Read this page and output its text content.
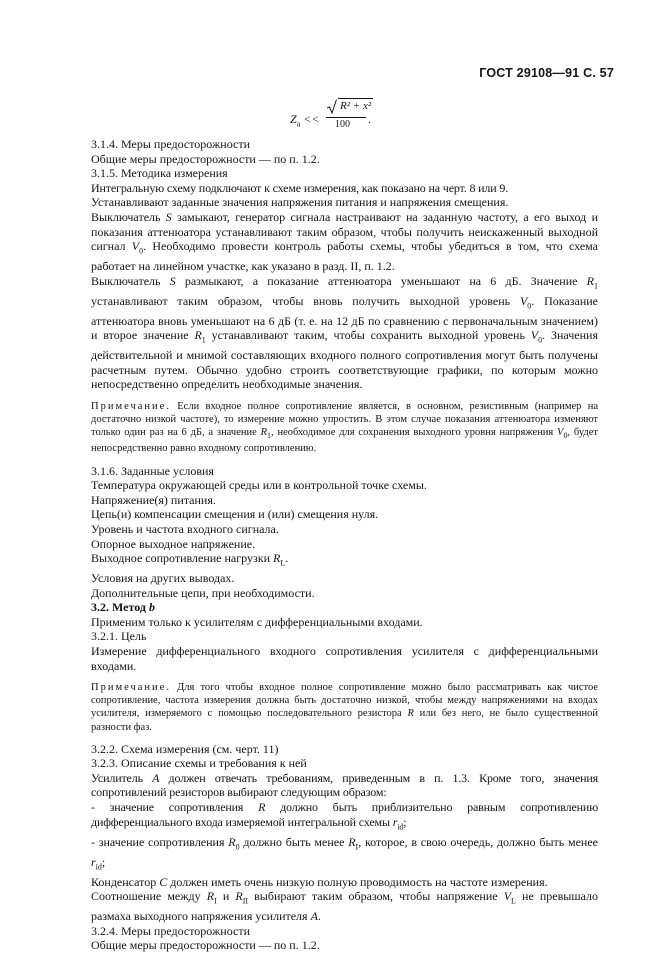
ГОСТ 29108—91 С. 57
$Z_a$ <<
R² + x²
100 .

3.1.4. Меры предосторожности

Общие меры предосторожности — по п. 1.2.

3.1.5. Методика измерения

Интегральную схему подключают к схеме измерения, как показано на черт. 8 или 9.

Устанавливают заданные значения напряжения питания и напряжения смещения.

Выключатель S замыкают, генератор сигнала настраивают на заданную частоту, а его выход и показания аттенюатора устанавливают таким образом, чтобы получить неискаженный выходной сигнал $V_0$. Необходимо провести контроль работы схемы, чтобы убедиться в том, что схема работает на линейном участке, как указано в разд. II, п. 1.2.

Выключатель S размыкают, а показание аттенюатора уменьшают на 6 дБ. Значение $R_1$ устанавливают таким образом, чтобы вновь получить выходной уровень $V_0$. Показание аттенюатора вновь уменьшают на 6 дБ (т. е. на 12 дБ по сравнению с первоначальным значением) и второе значение $R_1$ устанавливают таким, чтобы сохранить выходной уровень $V_0$. Значения действительной и мнимой составляющих входного полного сопротивления могут быть получены расчетным путем. Обычно удобно строить соответствующие графики, по которым можно непосредственно определить необходимые значения.

Примечание. Если входное полное сопротивление является, в основном, резистивным (например на достаточно низкой частоте), то измерение можно упростить. В этом случае показания аттенюатора изменяют только один раз на 6 дБ, а значение $R_1$, необходимое для сохранения выходного уровня напряжения $V_0$, будет непосредственно равно входному сопротивлению.

3.1.6. Заданные условия

Температура окружающей среды или в контрольной точке схемы.

Напряжение(я) питания.

Цепь(и) компенсации смещения и (или) смещения нуля.

Уровень и частота входного сигнала.

Опорное выходное напряжение.

Выходное сопротивление нагрузки $R_L$.

Условия на других выводах.

Дополнительные цепи, при необходимости.

3.2. Метод b

Применим только к усилителям с дифференциальными входами.

3.2.1. Цель

Измерение дифференциального входного сопротивления усилителя с дифференциальными входами.

Примечание. Для того чтобы входное полное сопротивление можно было рассматривать как чистое сопротивление, частота измерения должна быть достаточно низкой, чтобы между напряжениями на входах усилителя, измеряемого с помощью последовательного резистора R или без него, не было существенной разности фаз.

3.2.2. Схема измерения (см. черт. 11)

3.2.3. Описание схемы и требования к ней

Усилитель A должен отвечать требованиям, приведенным в п. 1.3. Кроме того, значения сопротивлений резисторов выбирают следующим образом:

- значение сопротивления R должно быть приблизительно равным сопротивлению дифференциального входа измеряемой интегральной схемы $r_{id}$;

- значение сопротивления $R_0$ должно быть менее $R_I$, которое, в свою очередь, должно быть менее $r_{id}$;

Конденсатор C должен иметь очень низкую полную проводимость на частоте измерения.

Соотношение между $R_I$ и $R_{II}$ выбирают таким образом, чтобы напряжение $V_L$ не превышало размаха выходного напряжения усилителя A.

3.2.4. Меры предосторожности

Общие меры предосторожности — по п. 1.2.
